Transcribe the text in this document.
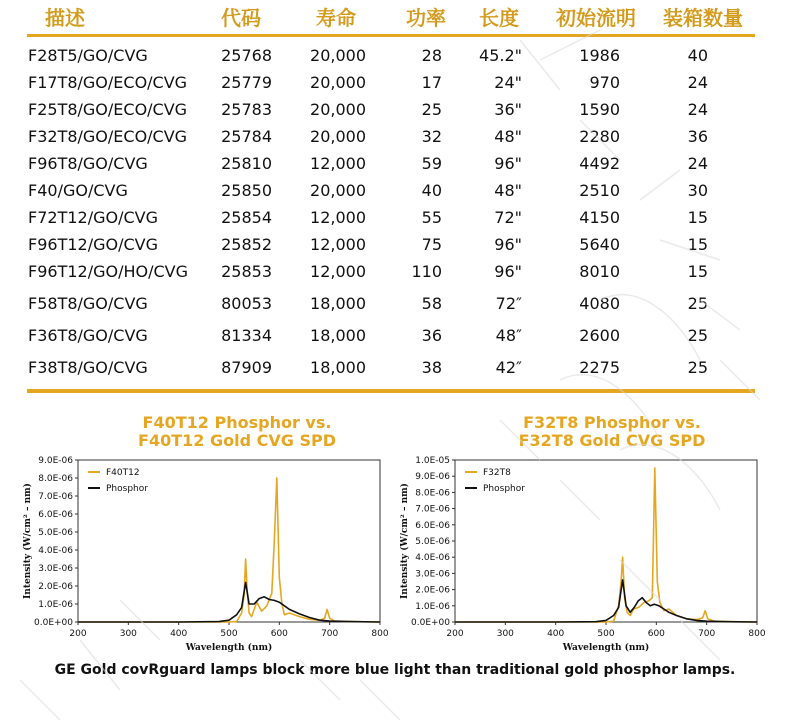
描述	代码	寿命	功率 长度 初始流明 装箱数量
F28T5/GO/CVG	25768 20,000	28 45.2"	1986	40
F17T8/GO/ECO/CVG 25779 20,000	17	24"	970	24
F25T8/GO/ECO/CVG 25783 20,000	25	36"	1590	24
F32T8/GO/ECO/CVG 25784 20,000	32	48"	2280	36
F96T8/GO/CVG	25810 12,000	59	96"	4492	24
F40/GO/CVG	25850 20,000	40	48"	2510	30
F72T12/GO/CVG	25854 12,000	55	72"	4150	15
F96T12/GO/CVG	25852 12,000	75	96"	5640	15
F96T12/GO/HO/CVG 25853 12,000	110	96"	8010	15
F58T8/GO/CVG	80053 18,000	58	72″	4080	25
F36T8/GO/CVG	81334 18,000	36	48″	2600	25
F38T8/GO/CVG	87909 18,000	38	42″	2275	25
F40T12 Phosphor vs.
F40T12 Gold CVG SPD
0.0E+00
1.0E-06
2.0E-06
3.0E-06
4.0E-06
5.0E-06
6.0E-06
7.0E-06
8.0E-06
9.0E-06
200	300	400	500	600	700	800
F40T12
Phosphor
Wavelength (nm)
Intensity (W/cm² – nm)
F32T8 Phosphor vs.
F32T8 Gold CVG SPD
0.0E+00
1.0E-06
2.0E-06
3.0E-06
4.0E-06
5.0E-06
6.0E-06
7.0E-06
8.0E-06
9.0E-06
1.0E-05
200	300	400	500	600	700	800
F32T8
Phosphor
Wavelength (nm)
Intensity (W/cm² – nm)
GE Gold covRguard lamps block more blue light than traditional gold phosphor lamps.
